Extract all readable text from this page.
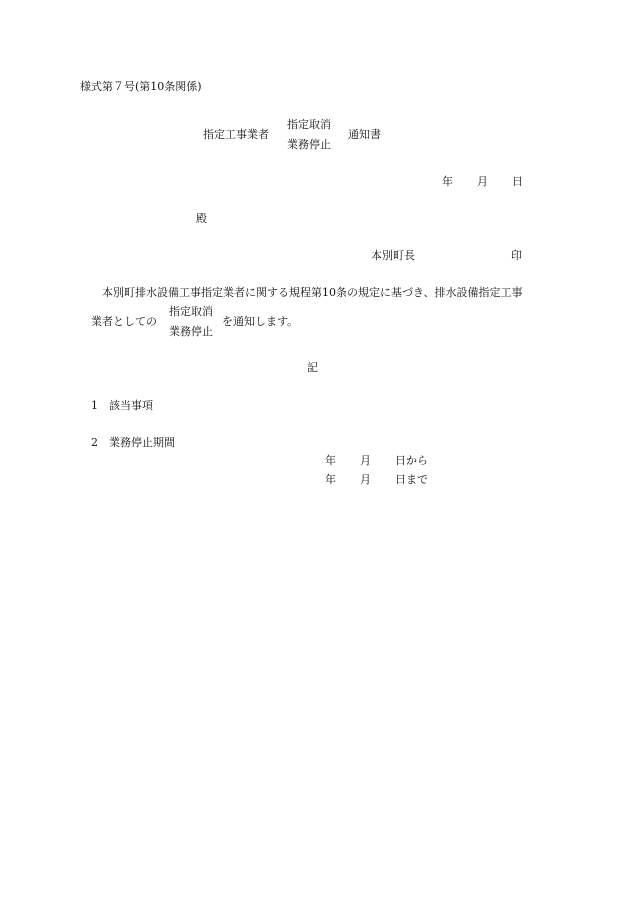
様式第７号(第10条関係)
指定工事業者
指定取消
業務停止
通知書
年 月 日
殿
本別町長	印
本別町排水設備工事指定業者に関する規程第10条の規定に基づき、排水設備指定工事
業者としての
指定取消
業務停止
を通知します。
記
1 該当事項
2 業務停止期間
年 月 日から
年 月 日まで
